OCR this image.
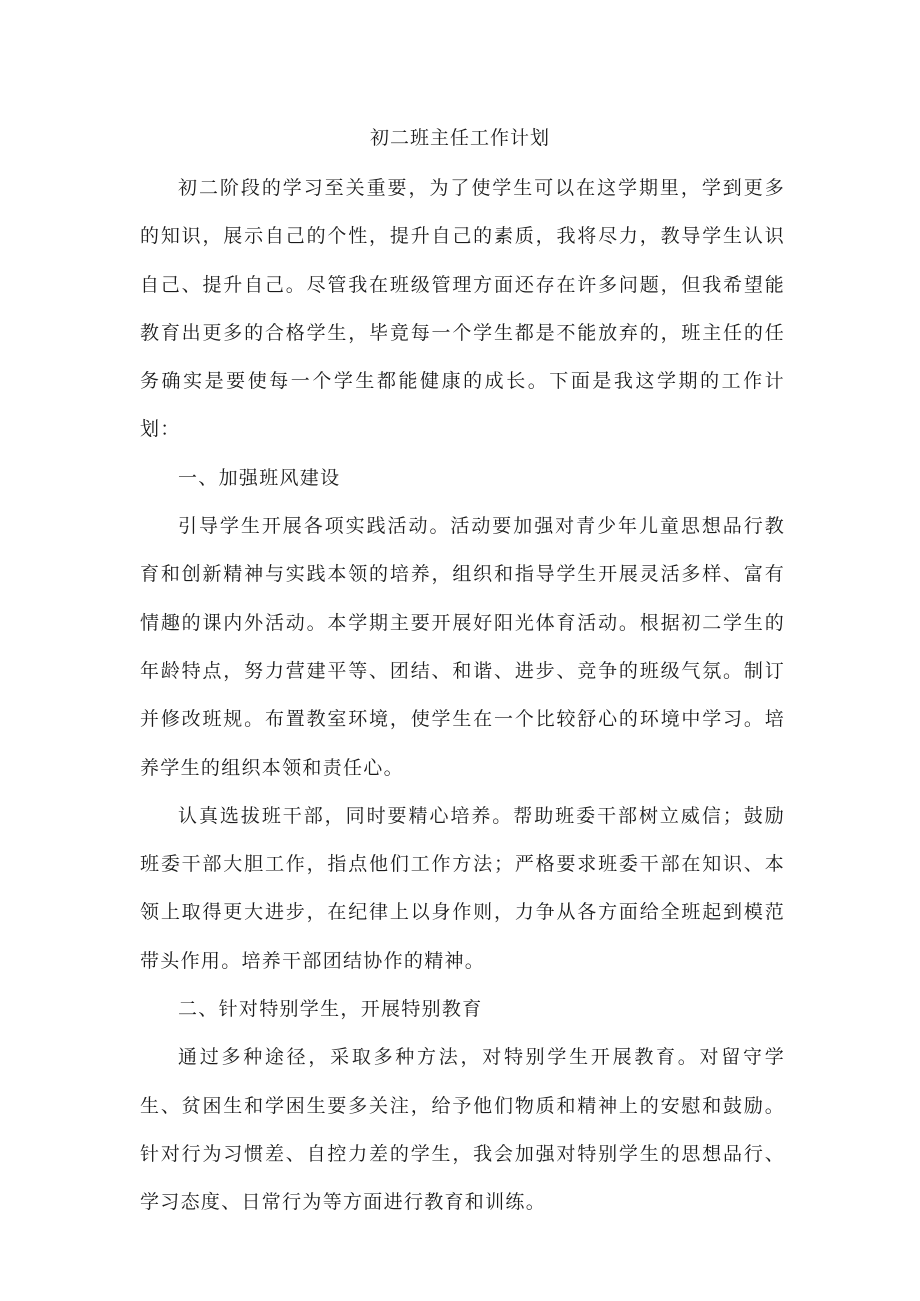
初二班主任工作计划

初二阶段的学习至关重要，为了使学生可以在这学期里，学到更多的知识，展示自己的个性，提升自己的素质，我将尽力，教导学生认识自己、提升自己。尽管我在班级管理方面还存在许多问题，但我希望能教育出更多的合格学生，毕竟每一个学生都是不能放弃的，班主任的任务确实是要使每一个学生都能健康的成长。下面是我这学期的工作计划：

一、加强班风建设

引导学生开展各项实践活动。活动要加强对青少年儿童思想品行教育和创新精神与实践本领的培养，组织和指导学生开展灵活多样、富有情趣的课内外活动。本学期主要开展好阳光体育活动。根据初二学生的年龄特点，努力营建平等、团结、和谐、进步、竞争的班级气氛。制订并修改班规。布置教室环境，使学生在一个比较舒心的环境中学习。培养学生的组织本领和责任心。

认真选拔班干部，同时要精心培养。帮助班委干部树立威信；鼓励班委干部大胆工作，指点他们工作方法；严格要求班委干部在知识、本领上取得更大进步，在纪律上以身作则，力争从各方面给全班起到模范带头作用。培养干部团结协作的精神。

二、针对特别学生，开展特别教育

通过多种途径，采取多种方法，对特别学生开展教育。对留守学生、贫困生和学困生要多关注，给予他们物质和精神上的安慰和鼓励。针对行为习惯差、自控力差的学生，我会加强对特别学生的思想品行、学习态度、日常行为等方面进行教育和训练。
